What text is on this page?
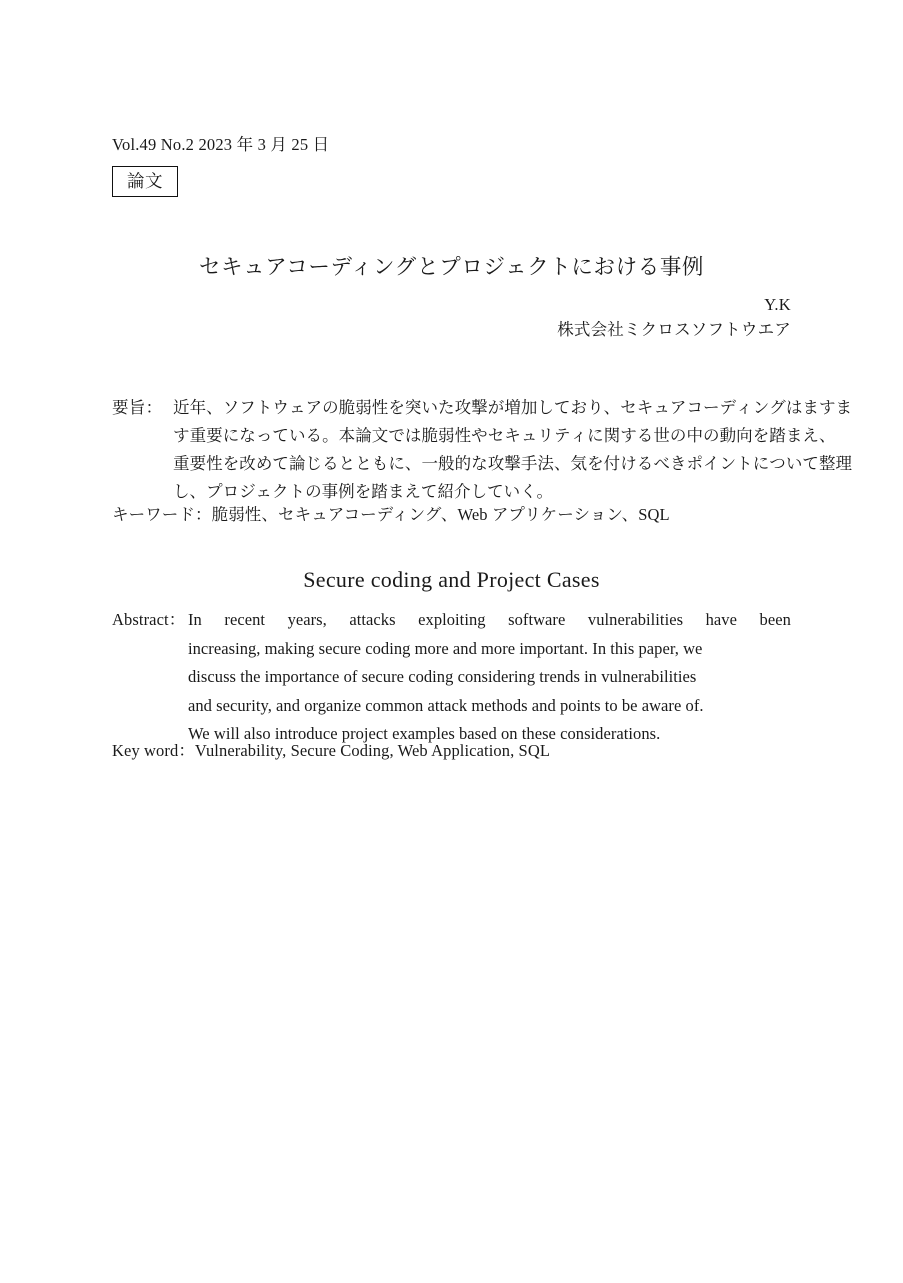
Vol.49 No.2 2023 年 3 月 25 日
論文
セキュアコーディングとプロジェクトにおける事例
Y.K
株式会社ミクロスソフトウエア
要旨： 近 年 、 ソ フ ト ウ ェ ア の 脆 弱 性 を 突 い た 攻 撃 が 増 加 し て お り 、 セ キ ュ ア コ ー デ ィ ン グ は ま す ま
す 重 要 に な っ て い る 。 本 論 文 で は 脆 弱 性 や セ キ ュ リ テ ィ に 関 す る 世 の 中 の 動 向 を 踏 ま え 、
重 要 性 を 改 め て 論 じ る と と も に 、 一 般 的 な 攻 撃 手 法 、 気 を 付 け る べ き ポ イ ン ト に つ い て 整 理
し、プロジェクトの事例を踏まえて紹介していく。
キーワード：脆弱性、セキュアコーディング、Web アプリケーション、SQL
Secure coding and Project Cases
Abstract： In recent years, attacks exploiting software vulnerabilities have been
increasing, making secure coding more and more important. In this paper, we
discuss the importance of secure coding considering trends in vulnerabilities
and security, and organize common attack methods and points to be aware of.
We will also introduce project examples based on these considerations.
Key word：Vulnerability, Secure Coding, Web Application, SQL
